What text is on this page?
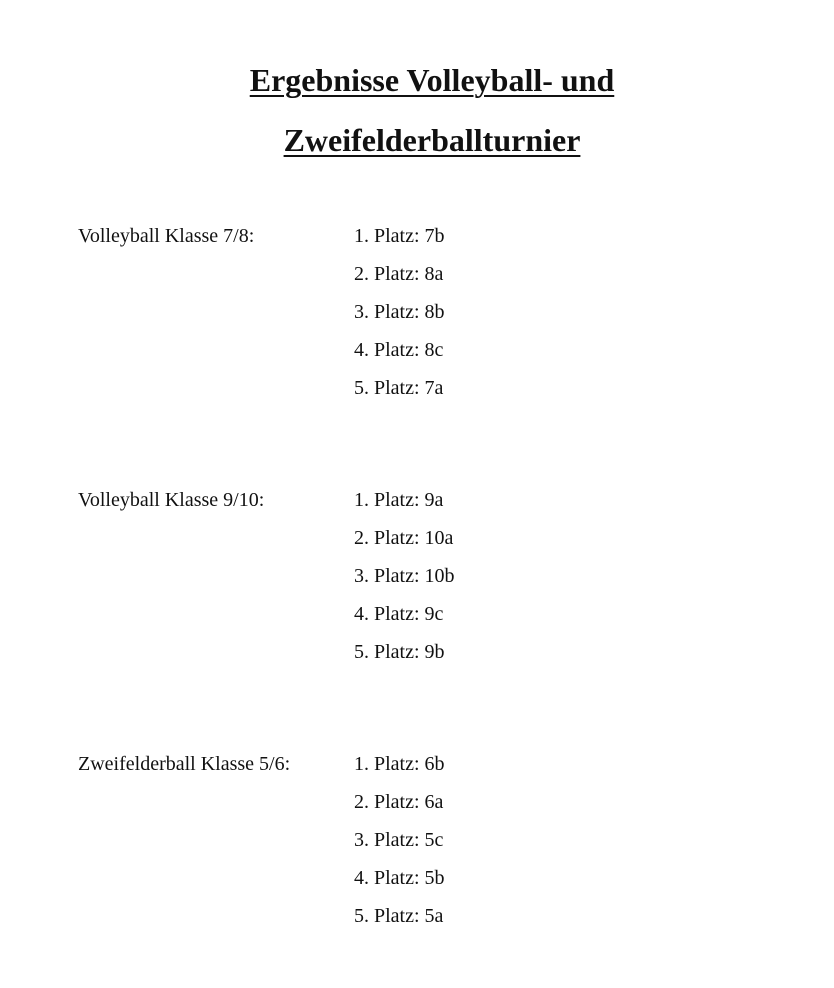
Ergebnisse Volleyball- und
Zweifelderballturnier
Volleyball Klasse 7/8:	1. Platz: 7b
2. Platz: 8a
3. Platz: 8b
4. Platz: 8c
5. Platz: 7a
Volleyball Klasse 9/10:	1. Platz: 9a
2. Platz: 10a
3. Platz: 10b
4. Platz: 9c
5. Platz: 9b
Zweifelderball Klasse 5/6:	1. Platz: 6b
2. Platz: 6a
3. Platz: 5c
4. Platz: 5b
5. Platz: 5a
